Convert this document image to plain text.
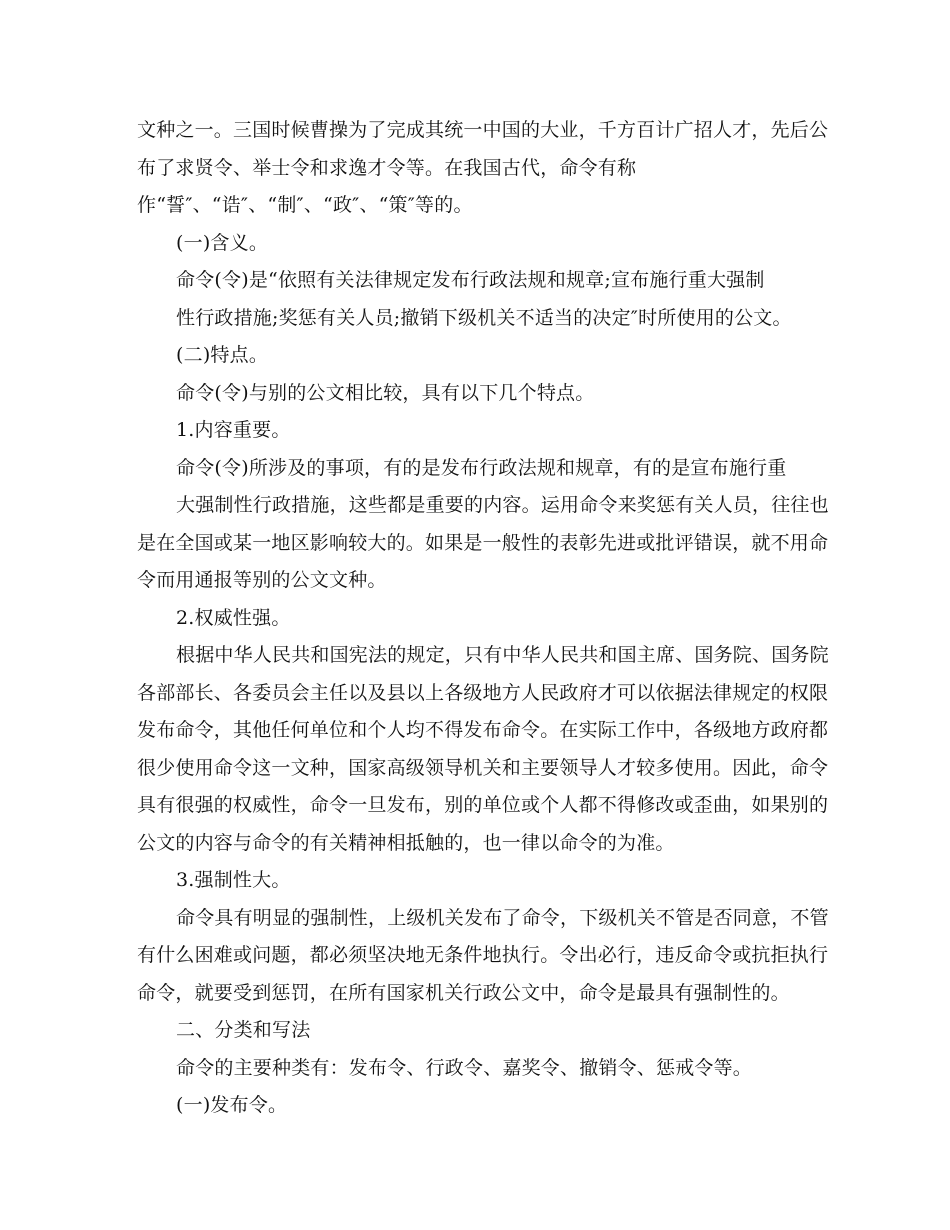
文种之一。三国时候曹操为了完成其统一中国的大业，千方百计广招人才，先后公
布了求贤令、举士令和求逸才令等。在我国古代，命令有称
作“誓″、“诰″、“制″、“政″、“策″等的。
(一)含义。
命令(令)是“依照有关法律规定发布行政法规和规章;宣布施行重大强制
性行政措施;奖惩有关人员;撤销下级机关不适当的决定″时所使用的公文。
(二)特点。
命令(令)与别的公文相比较，具有以下几个特点。
1.内容重要。
命令(令)所涉及的事项，有的是发布行政法规和规章，有的是宣布施行重
大强制性行政措施，这些都是重要的内容。运用命令来奖惩有关人员，往往也
是在全国或某一地区影响较大的。如果是一般性的表彰先进或批评错误，就不用命
令而用通报等别的公文文种。
2.权威性强。
根据中华人民共和国宪法的规定，只有中华人民共和国主席、国务院、国务院
各部部长、各委员会主任以及县以上各级地方人民政府才可以依据法律规定的权限
发布命令，其他任何单位和个人均不得发布命令。在实际工作中，各级地方政府都
很少使用命令这一文种，国家高级领导机关和主要领导人才较多使用。因此，命令
具有很强的权威性，命令一旦发布，别的单位或个人都不得修改或歪曲，如果别的
公文的内容与命令的有关精神相抵触的，也一律以命令的为准。
3.强制性大。
命令具有明显的强制性，上级机关发布了命令，下级机关不管是否同意，不管
有什么困难或问题，都必须坚决地无条件地执行。令出必行，违反命令或抗拒执行
命令，就要受到惩罚，在所有国家机关行政公文中，命令是最具有强制性的。
二、分类和写法
命令的主要种类有：发布令、行政令、嘉奖令、撤销令、惩戒令等。
(一)发布令。
